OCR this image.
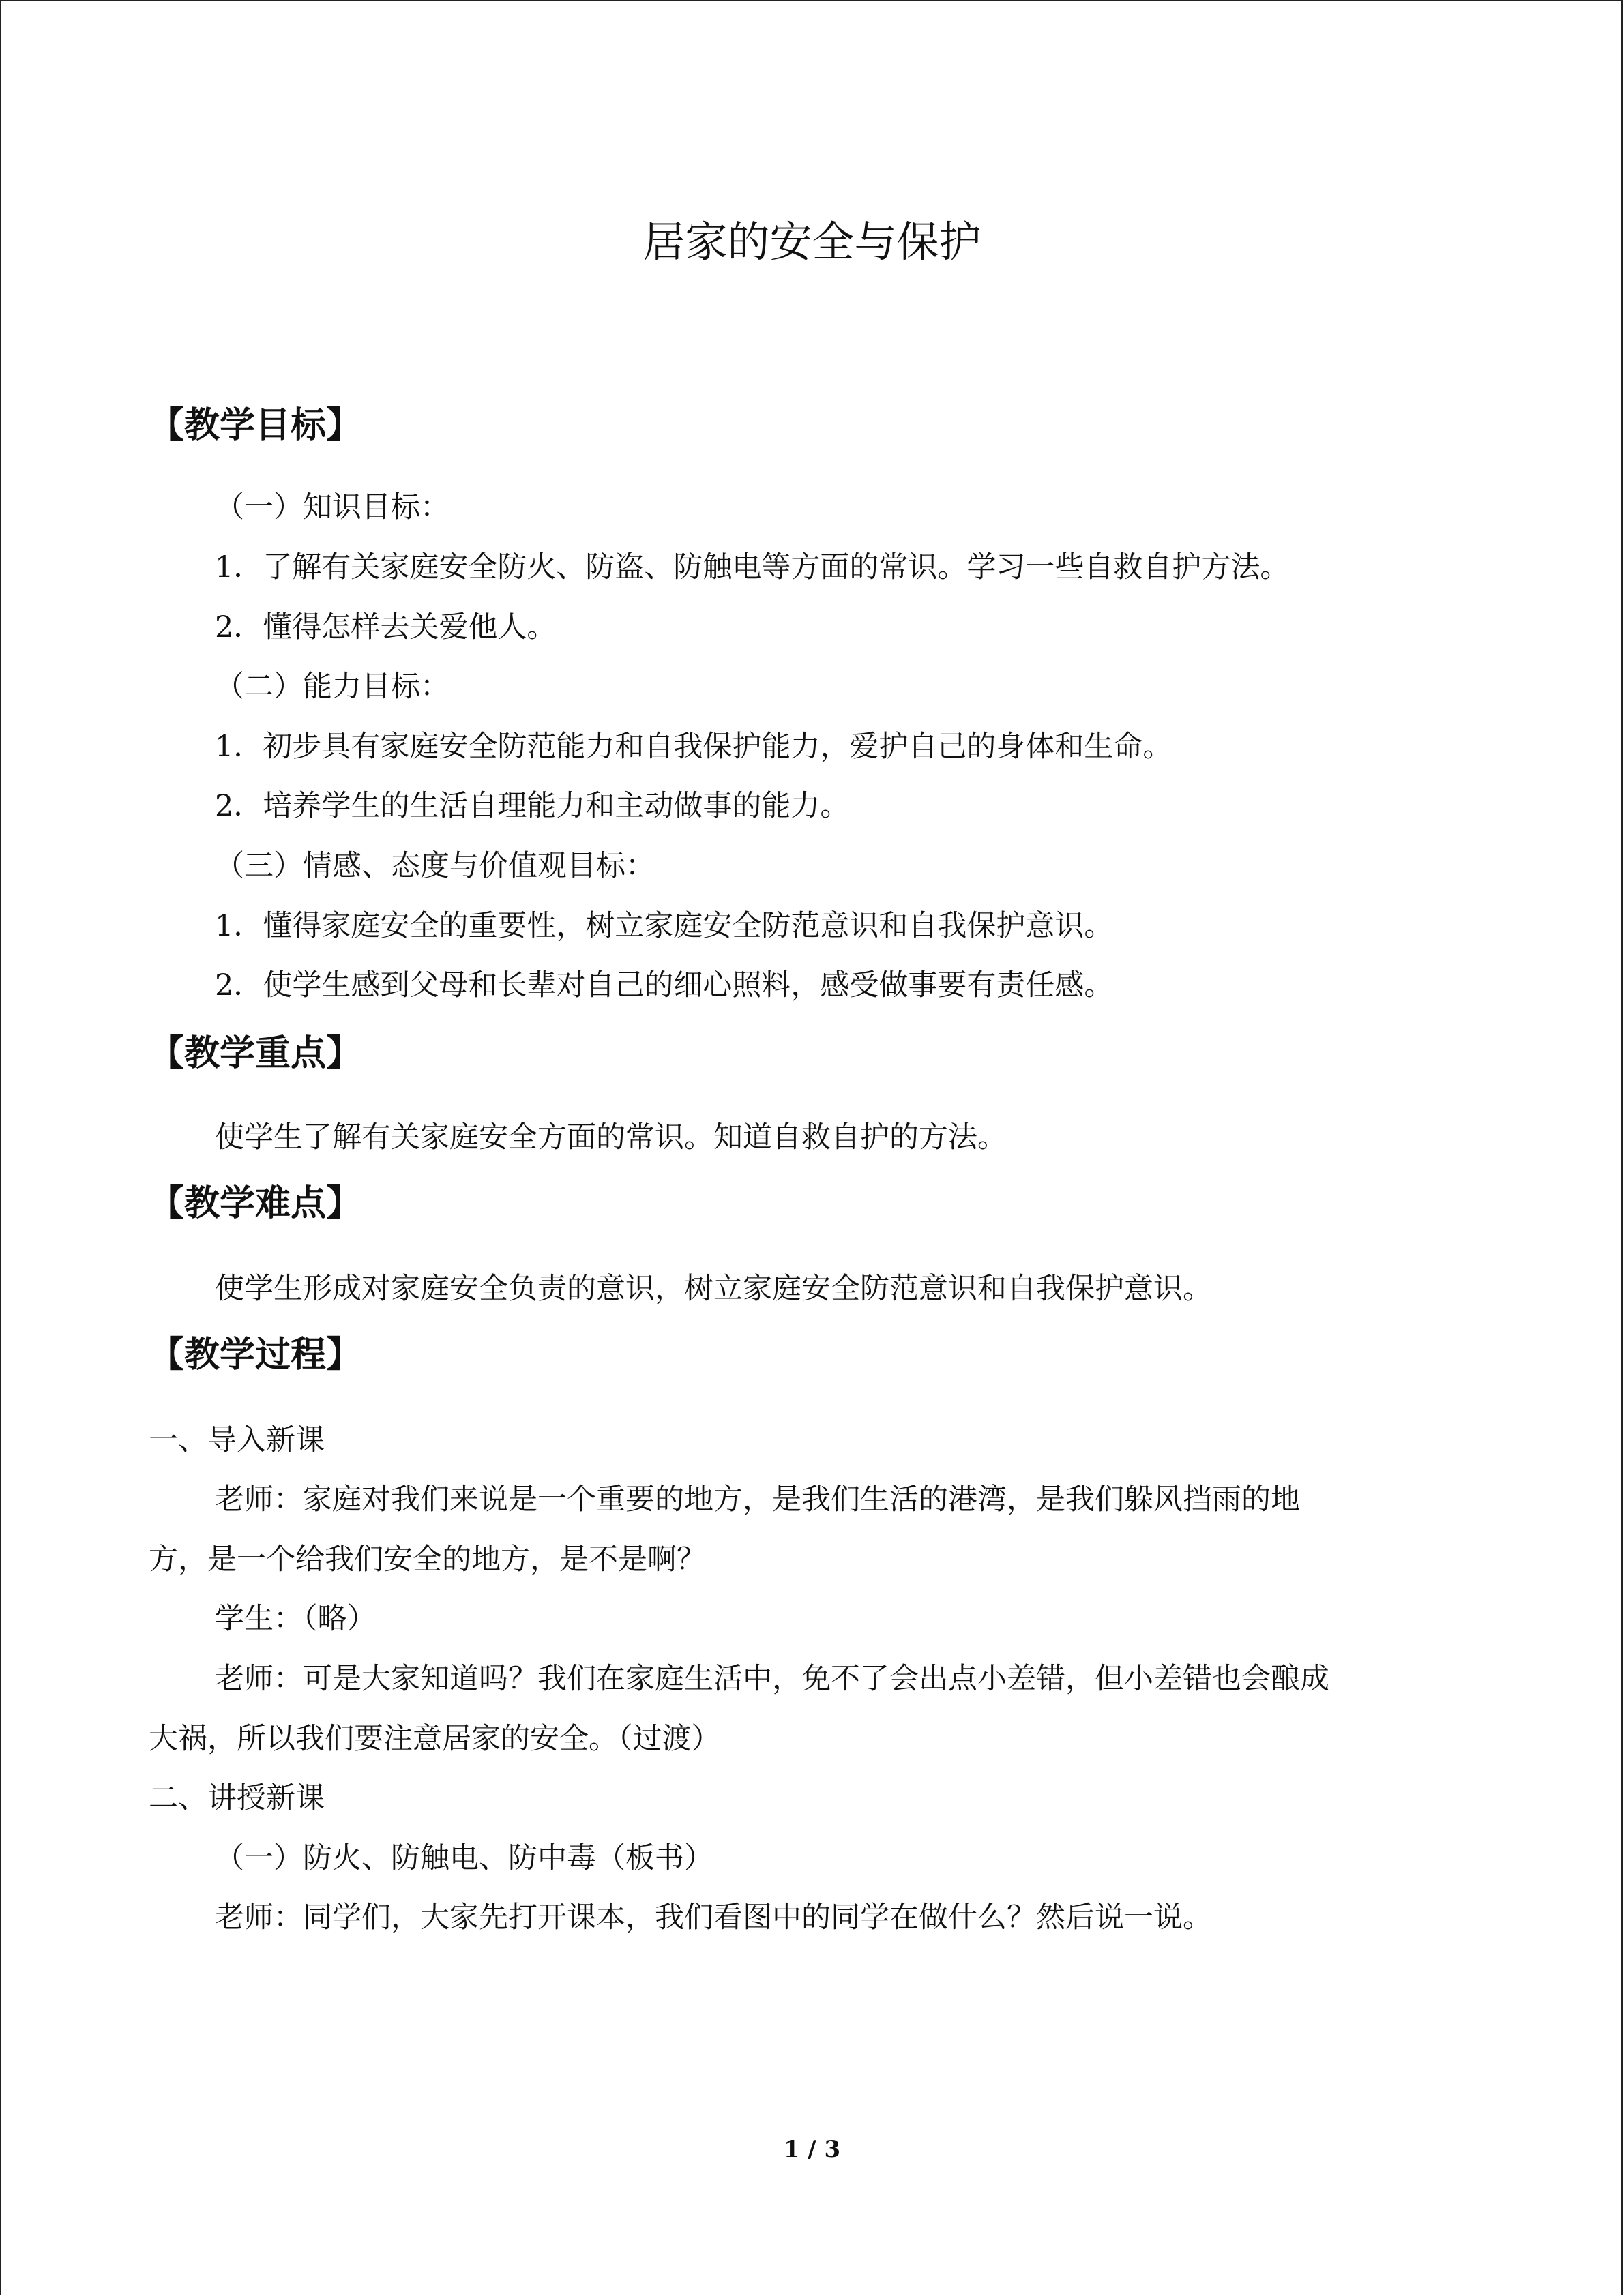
居家的安全与保护
【教学目标】
（一）知识目标：
1．了解有关家庭安全防火、防盗、防触电等方面的常识。学习一些自救自护方法。
2．懂得怎样去关爱他人。
（二）能力目标：
1．初步具有家庭安全防范能力和自我保护能力，爱护自己的身体和生命。
2．培养学生的生活自理能力和主动做事的能力。
（三）情感、态度与价值观目标：
1．懂得家庭安全的重要性，树立家庭安全防范意识和自我保护意识。
2．使学生感到父母和长辈对自己的细心照料，感受做事要有责任感。
【教学重点】
使学生了解有关家庭安全方面的常识。知道自救自护的方法。
【教学难点】
使学生形成对家庭安全负责的意识，树立家庭安全防范意识和自我保护意识。
【教学过程】
一、导入新课
老师：家庭对我们来说是一个重要的地方，是我们生活的港湾，是我们躲风挡雨的地
方，是一个给我们安全的地方，是不是啊？
学生：（略）
老师：可是大家知道吗？我们在家庭生活中，免不了会出点小差错，但小差错也会酿成
大祸，所以我们要注意居家的安全。（过渡）
二、讲授新课
（一）防火、防触电、防中毒（板书）
老师：同学们，大家先打开课本，我们看图中的同学在做什么？然后说一说。
1 / 3
